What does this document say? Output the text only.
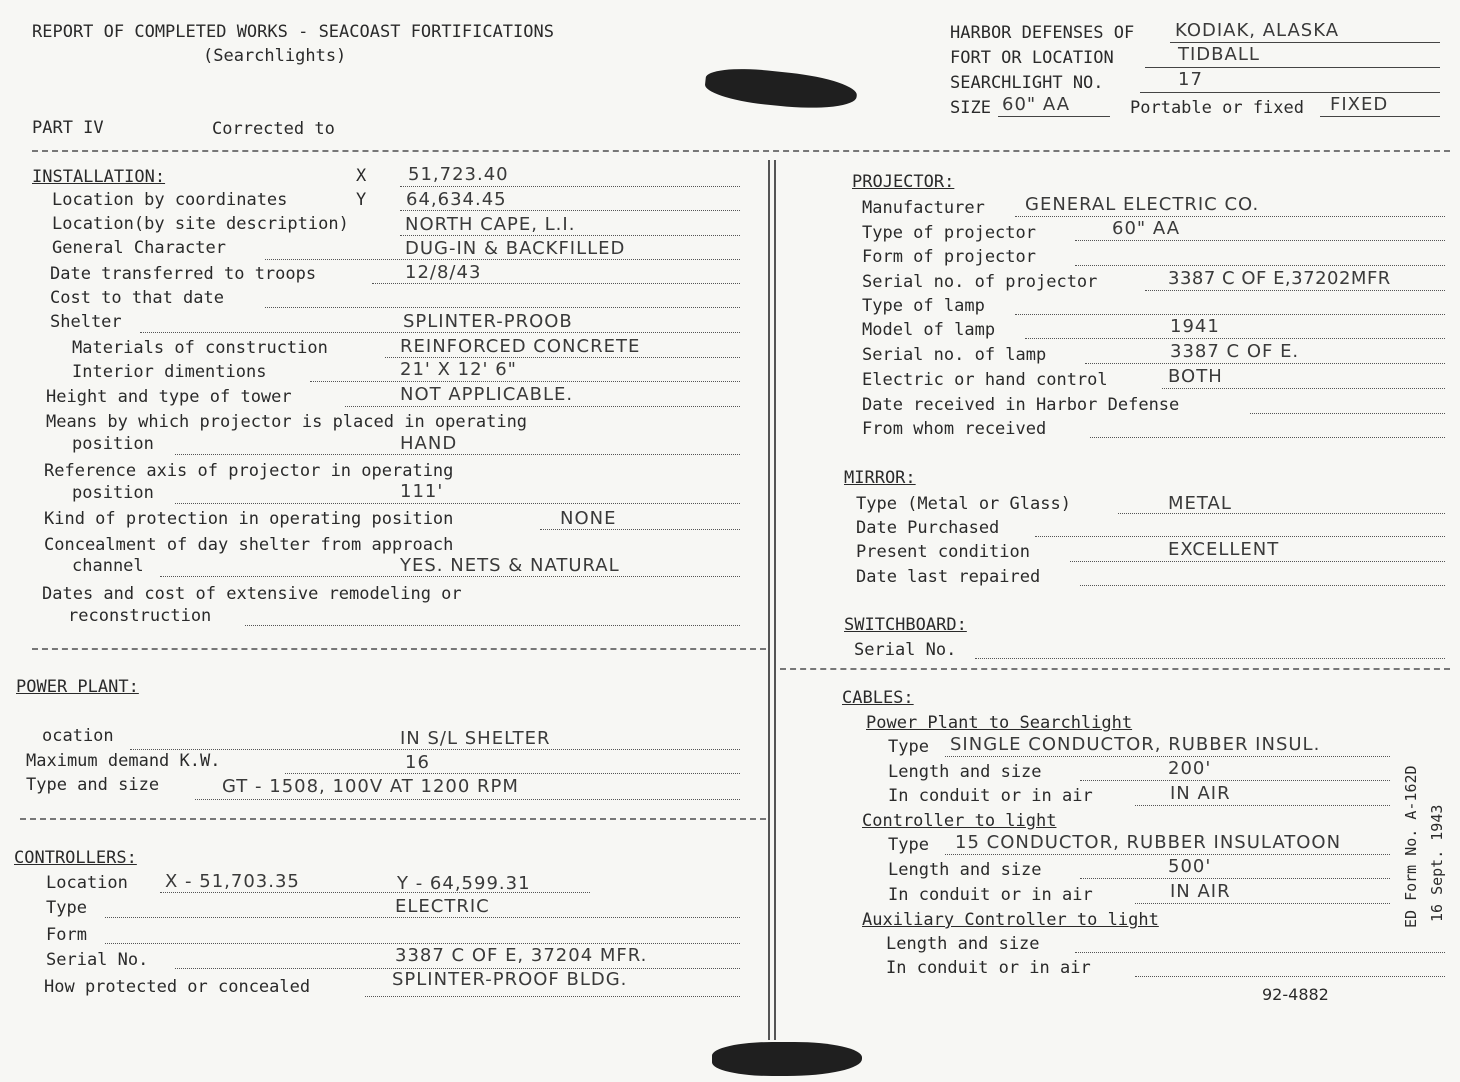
REPORT OF COMPLETED WORKS - SEACOAST FORTIFICATIONS
(Searchlights)
HARBOR DEFENSES OF KODIAK, ALASKA
FORT OR LOCATION	TIDBALL
SEARCHLIGHT NO.	17
SIZE 60" AA	Portable or fixed FIXED
PART IV	Corrected to
INSTALLATION:	X 51,723.40
Location by coordinates	Y 64,634.45
Location(by site description)	NORTH CAPE, L.I.
General Character	DUG-IN & BACKFILLED
Date transferred to troops	12/8/43
Cost to that date
Shelter	SPLINTER-PROOB
Materials of construction	REINFORCED CONCRETE
Interior dimentions	21' X 12' 6"
Height and type of tower	NOT APPLICABLE.
Means by which projector is placed in operating
position	HAND
Reference axis of projector in operating
position	111'
Kind of protection in operating position	NONE
Concealment of day shelter from approach
channel	YES. NETS & NATURAL
Dates and cost of extensive remodeling or
reconstruction
POWER PLANT:
ocation	IN S/L SHELTER
Maximum demand K.W.	16
Type and size	GT - 1508, 100V AT 1200 RPM
CONTROLLERS:
Location X - 51,703.35	Y - 64,599.31
Type	ELECTRIC
Form
Serial No.	3387 C OF E, 37204 MFR.
How protected or concealed	SPLINTER-PROOF BLDG.
PROJECTOR:
Manufacturer GENERAL ELECTRIC CO.
Type of projector	60" AA
Form of projector
Serial no. of projector	3387 C OF E,37202MFR
Type of lamp
Model of lamp	1941
Serial no. of lamp	3387 C OF E.
Electric or hand control	BOTH
Date received in Harbor Defense
From whom received
MIRROR:
Type (Metal or Glass)	METAL
Date Purchased
Present condition	EXCELLENT
Date last repaired
SWITCHBOARD:
Serial No.
CABLES:
Power Plant to Searchlight
Type SINGLE CONDUCTOR, RUBBER INSUL.
Length and size	200'
In conduit or in air	IN AIR
Controller to light
Type 15 CONDUCTOR, RUBBER INSULATOON
Length and size	500'
In conduit or in air	IN AIR
Auxiliary Controller to light
Length and size
In conduit or in air
ED Form No. A-162D 16 Sept. 1943
92-4882
